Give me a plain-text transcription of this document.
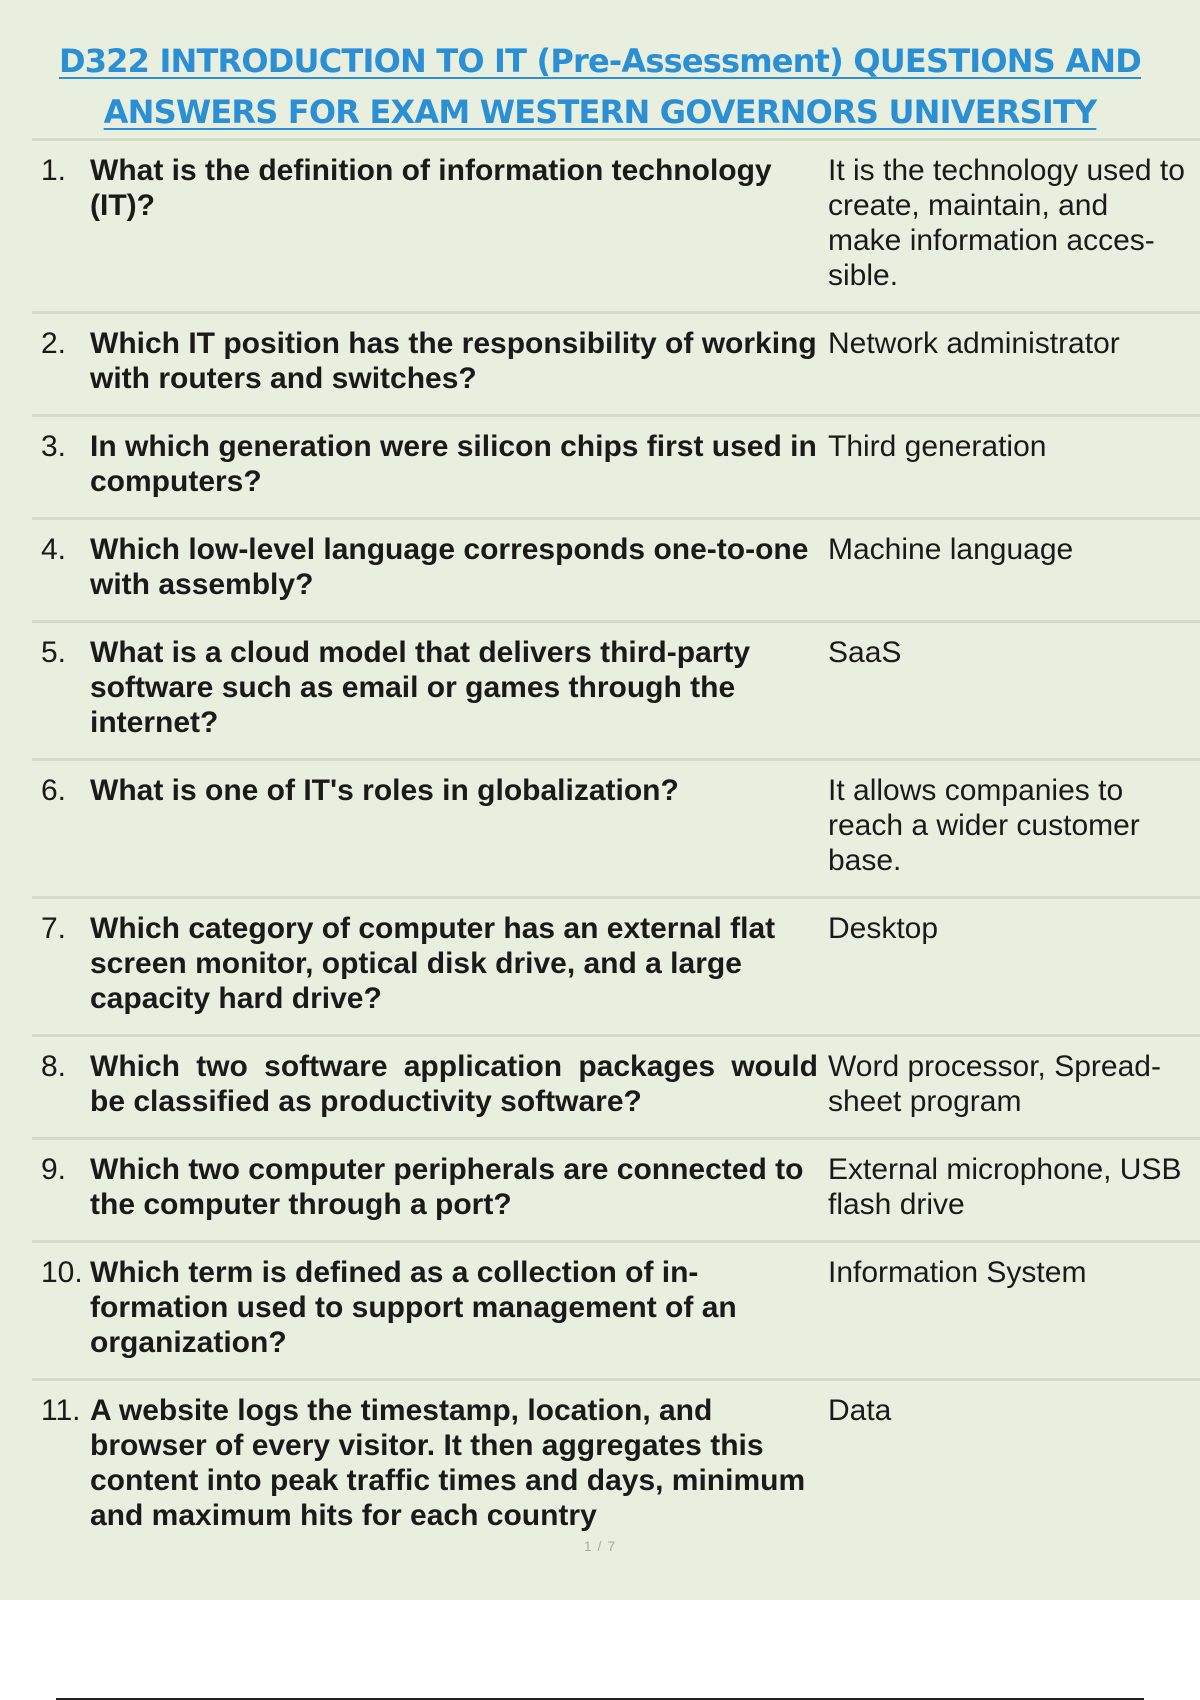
D322 INTRODUCTION TO IT (Pre-Assessment) QUESTIONS AND
ANSWERS FOR EXAM WESTERN GOVERNORS UNIVERSITY
1. What is the definition of information technology (IT)?
It is the technology used to create, maintain, and make information acces-sible.
2. Which IT position has the responsibility of working with routers and switches?
Network administrator
3. In which generation were silicon chips first used in computers?
Third generation
4. Which low-level language corresponds one-to-one with assembly?
Machine language
5. What is a cloud model that delivers third-party software such as email or games through the internet?
SaaS
6. What is one of IT's roles in globalization?	It allows companies to reach a wider customer base.
7. Which category of computer has an external flat screen monitor, optical disk drive, and a large capacity hard drive?
Desktop
8. Which two software application packages would be classified as productivity software?
Word processor, Spread-sheet program
9. Which two computer peripherals are connected to the computer through a port?
External microphone, USB flash drive
10. Which term is defined as a collection of in-formation used to support management of an organization?
Information System
11. A website logs the timestamp, location, and browser of every visitor. It then aggregates this content into peak traffic times and days, minimum and maximum hits for each country
Data
1 / 7
